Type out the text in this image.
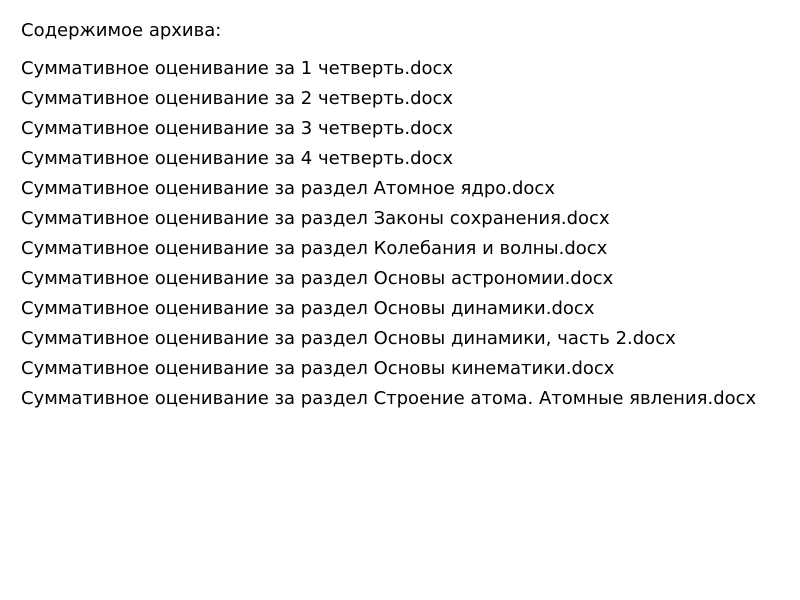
Содержимое архива:
Суммативное оценивание за 1 четверть.docx
Суммативное оценивание за 2 четверть.docx
Суммативное оценивание за 3 четверть.docx
Суммативное оценивание за 4 четверть.docx
Суммативное оценивание за раздел Атомное ядро.docx
Суммативное оценивание за раздел Законы сохранения.docx
Суммативное оценивание за раздел Колебания и волны.docx
Суммативное оценивание за раздел Основы астрономии.docx
Суммативное оценивание за раздел Основы динамики.docx
Суммативное оценивание за раздел Основы динамики, часть 2.docx
Суммативное оценивание за раздел Основы кинематики.docx
Суммативное оценивание за раздел Строение атома. Атомные явления.docx
